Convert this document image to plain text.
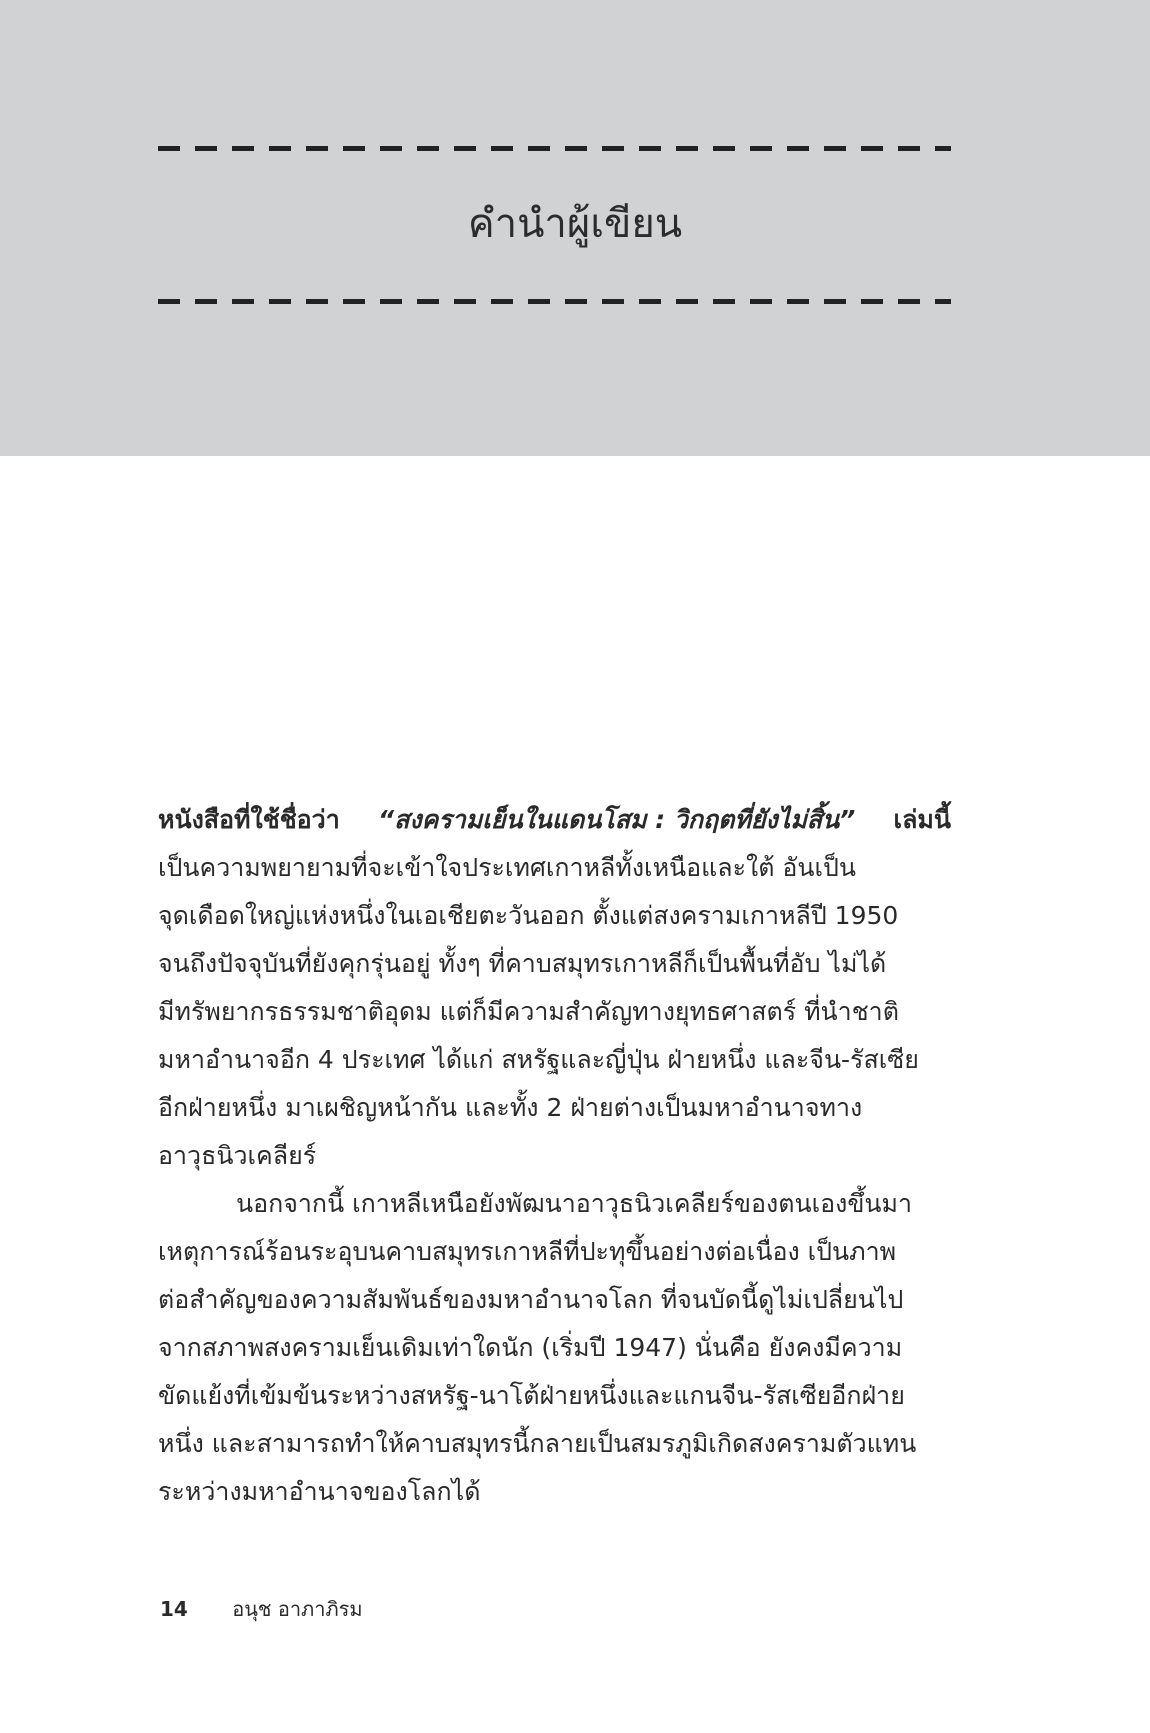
คำนำผู้เขียน
หนังสือที่ใช้ชื่อว่า “สงครามเย็นในแดนโสม : วิกฤตที่ยังไม่สิ้น” เล่มนี้
เป็นความพยายามที่จะเข้าใจประเทศเกาหลีทั้งเหนือและใต้ อันเป็น
จุดเดือดใหญ่แห่งหนึ่งในเอเชียตะวันออก ตั้งแต่สงครามเกาหลีปี 1950
จนถึงปัจจุบันที่ยังคุกรุ่นอยู่ ทั้งๆ ที่คาบสมุทรเกาหลีก็เป็นพื้นที่อับ ไม่ได้
มีทรัพยากรธรรมชาติอุดม แต่ก็มีความสำคัญทางยุทธศาสตร์ ที่นำชาติ
มหาอำนาจอีก 4 ประเทศ ได้แก่ สหรัฐและญี่ปุ่น ฝ่ายหนึ่ง และจีน-รัสเซีย
อีกฝ่ายหนึ่ง มาเผชิญหน้ากัน และทั้ง 2 ฝ่ายต่างเป็นมหาอำนาจทาง
อาวุธนิวเคลียร์
นอกจากนี้ เกาหลีเหนือยังพัฒนาอาวุธนิวเคลียร์ของตนเองขึ้นมา
เหตุการณ์ร้อนระอุบนคาบสมุทรเกาหลีที่ปะทุขึ้นอย่างต่อเนื่อง เป็นภาพ
ต่อสำคัญของความสัมพันธ์ของมหาอำนาจโลก ที่จนบัดนี้ดูไม่เปลี่ยนไป
จากสภาพสงครามเย็นเดิมเท่าใดนัก (เริ่มปี 1947) นั่นคือ ยังคงมีความ
ขัดแย้งที่เข้มข้นระหว่างสหรัฐ-นาโต้ฝ่ายหนึ่งและแกนจีน-รัสเซียอีกฝ่าย
หนึ่ง และสามารถทำให้คาบสมุทรนี้กลายเป็นสมรภูมิเกิดสงครามตัวแทน
ระหว่างมหาอำนาจของโลกได้
14 อนุช อาภาภิรม
